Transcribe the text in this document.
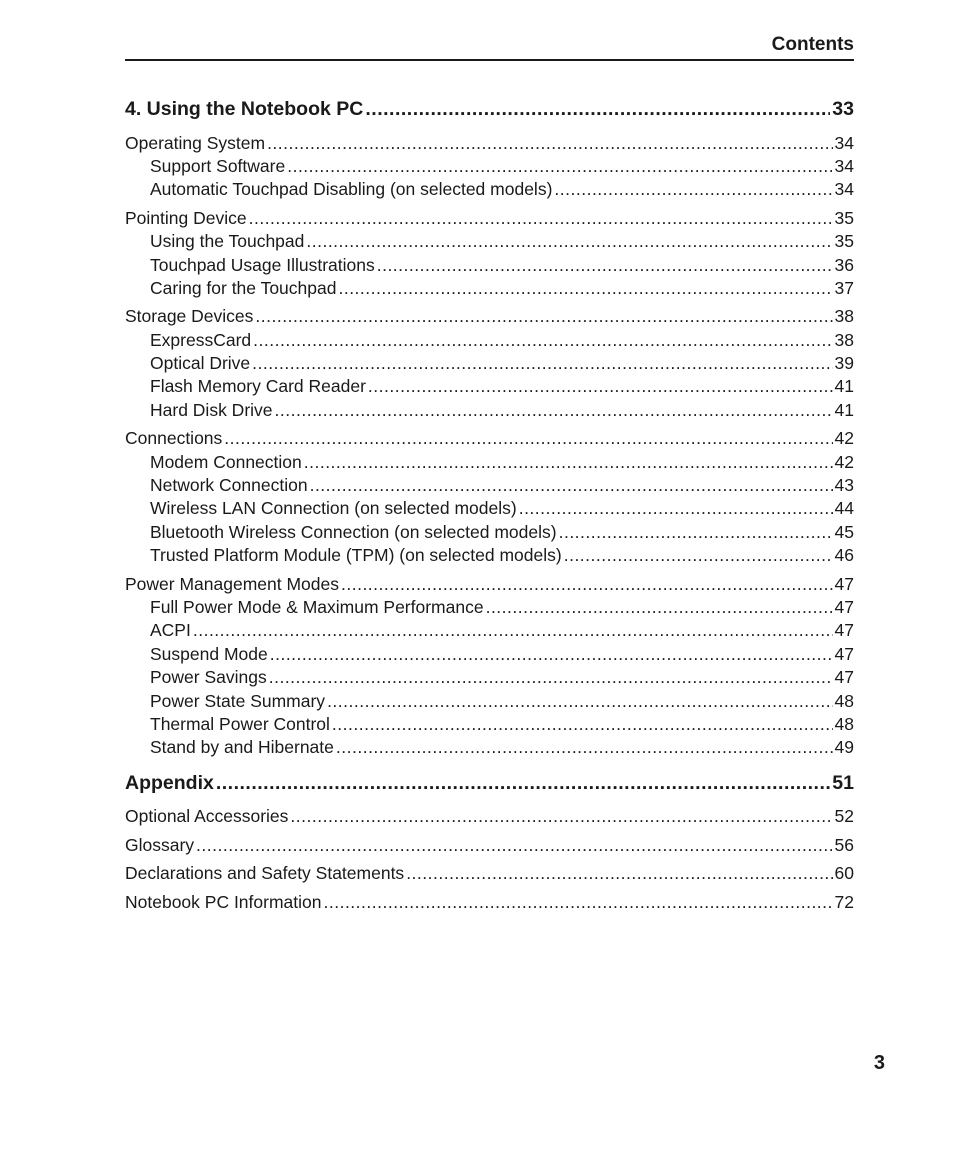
Contents
4. Using the Notebook PC .....	33
Operating System .....	34
Support Software .....	34
Automatic Touchpad Disabling (on selected models) .....	34
Pointing Device .....	35
Using the Touchpad .....	35
Touchpad Usage Illustrations .....	36
Caring for the Touchpad .....	37
Storage Devices .....	38
ExpressCard .....	38
Optical Drive .....	39
Flash Memory Card Reader .....	41
Hard Disk Drive .....	41
Connections .....	42
Modem Connection .....	42
Network Connection .....	43
Wireless LAN Connection (on selected models) .....	44
Bluetooth Wireless Connection (on selected models) .....	45
Trusted Platform Module (TPM) (on selected models) .....	46
Power Management Modes .....	47
Full Power Mode & Maximum Performance .....	47
ACPI .....	47
Suspend Mode .....	47
Power Savings .....	47
Power State Summary .....	48
Thermal Power Control .....	48
Stand by and Hibernate .....	49
Appendix .....	51
Optional Accessories .....	52
Glossary .....	56
Declarations and Safety Statements .....	60
Notebook PC Information .....	72
3
